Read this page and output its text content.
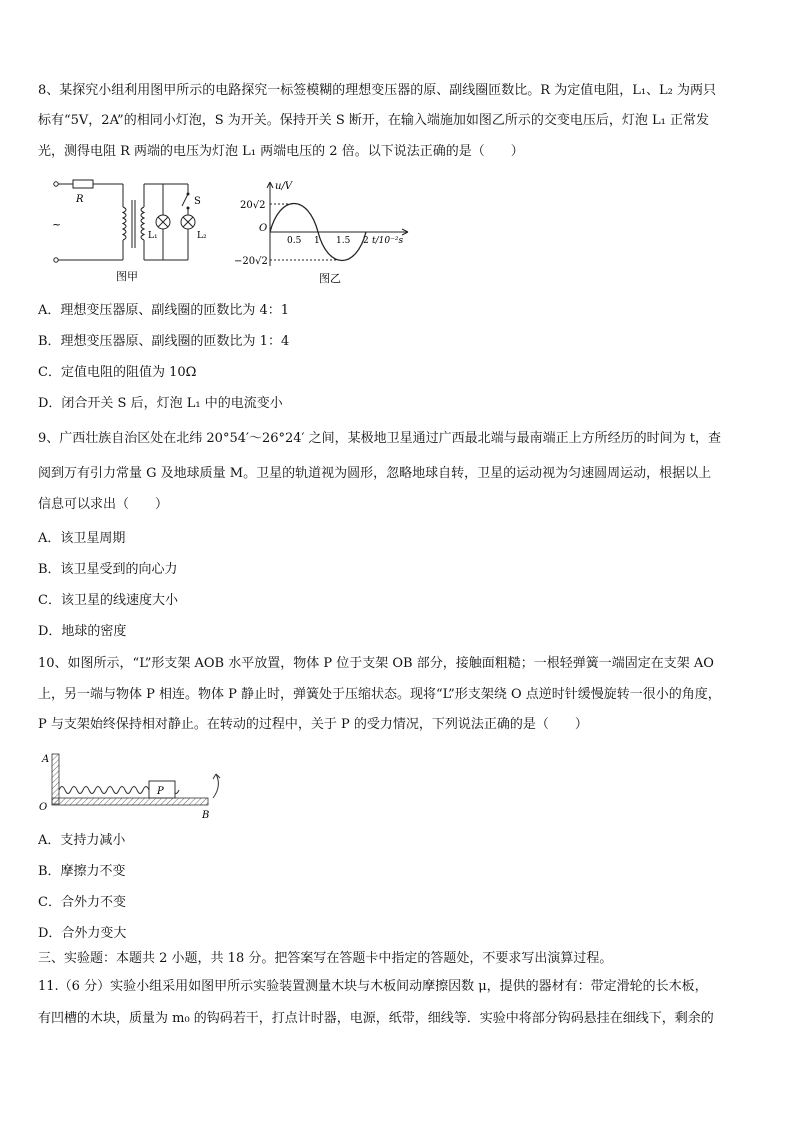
8、某探究小组利用图甲所示的电路探究一标签模糊的理想变压器的原、副线圈匝数比。R 为定值电阻，L₁、L₂ 为两只
标有“5V，2A”的相同小灯泡，S 为开关。保持开关 S 断开，在输入端施加如图乙所示的交变电压后，灯泡 L₁ 正常发
光，测得电阻 R 两端的电压为灯泡 L₁ 两端电压的 2 倍。以下说法正确的是（　　）
R
~
L₁	L₂
S
图甲
u/V
20√2
−20√2
O
0.5 1 1.5 2 t/10⁻²s
图乙
A．理想变压器原、副线圈的匝数比为 4：1
B．理想变压器原、副线圈的匝数比为 1：4
C．定值电阻的阻值为 10Ω
D．闭合开关 S 后，灯泡 L₁ 中的电流变小
9、广西壮族自治区处在北纬 20°54′～26°24′ 之间，某极地卫星通过广西最北端与最南端正上方所经历的时间为 t，查
阅到万有引力常量 G 及地球质量 M。卫星的轨道视为圆形，忽略地球自转，卫星的运动视为匀速圆周运动，根据以上
信息可以求出（　　）
A．该卫星周期
B．该卫星受到的向心力
C．该卫星的线速度大小
D．地球的密度
10、如图所示，“L”形支架 AOB 水平放置，物体 P 位于支架 OB 部分，接触面粗糙；一根轻弹簧一端固定在支架 AO
上，另一端与物体 P 相连。物体 P 静止时，弹簧处于压缩状态。现将“L”形支架绕 O 点逆时针缓慢旋转一很小的角度，
P 与支架始终保持相对静止。在转动的过程中，关于 P 的受力情况，下列说法正确的是（　　）
P
A
O
B
A．支持力减小
B．摩擦力不变
C．合外力不变
D．合外力变大
三、实验题：本题共 2 小题，共 18 分。把答案写在答题卡中指定的答题处，不要求写出演算过程。
11.（6 分）实验小组采用如图甲所示实验装置测量木块与木板间动摩擦因数 μ，提供的器材有：带定滑轮的长木板，
有凹槽的木块，质量为 m₀ 的钩码若干，打点计时器，电源，纸带，细线等．实验中将部分钩码悬挂在细线下，剩余的
